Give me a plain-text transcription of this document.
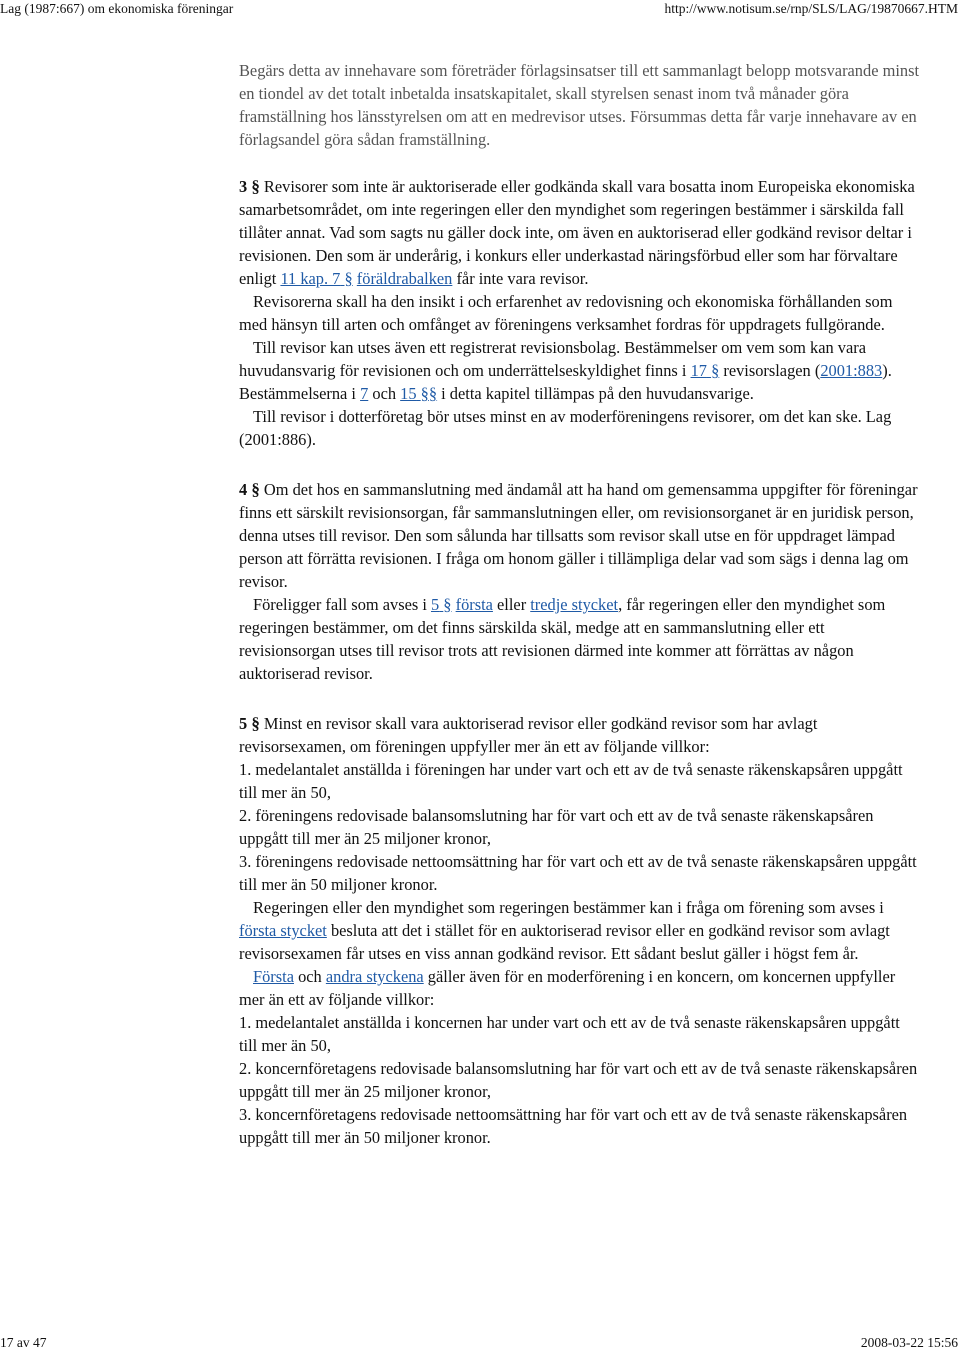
Lag (1987:667) om ekonomiska föreningar	http://www.notisum.se/rnp/SLS/LAG/19870667.HTM

Begärs detta av innehavare som företräder förlagsinsatser till ett sammanlagt belopp motsvarande minst en tiondel av det totalt inbetalda insatskapitalet, skall styrelsen senast inom två månader göra framställning hos länsstyrelsen om att en medrevisor utses. Försummas detta får varje innehavare av en förlagsandel göra sådan framställning.

3 § Revisorer som inte är auktoriserade eller godkända skall vara bosatta inom Europeiska ekonomiska samarbetsområdet, om inte regeringen eller den myndighet som regeringen bestämmer i särskilda fall tillåter annat. Vad som sagts nu gäller dock inte, om även en auktoriserad eller godkänd revisor deltar i revisionen. Den som är underårig, i konkurs eller underkastad näringsförbud eller som har förvaltare enligt 11 kap. 7 § föräldrabalken får inte vara revisor.

Revisorerna skall ha den insikt i och erfarenhet av redovisning och ekonomiska förhållanden som med hänsyn till arten och omfånget av föreningens verksamhet fordras för uppdragets fullgörande.

Till revisor kan utses även ett registrerat revisionsbolag. Bestämmelser om vem som kan vara huvudansvarig för revisionen och om underrättelseskyldighet finns i 17 § revisorslagen (2001:883). Bestämmelserna i 7 och 15 §§ i detta kapitel tillämpas på den huvudansvarige.

Till revisor i dotterföretag bör utses minst en av moderföreningens revisorer, om det kan ske. Lag (2001:886).

4 § Om det hos en sammanslutning med ändamål att ha hand om gemensamma uppgifter för föreningar finns ett särskilt revisionsorgan, får sammanslutningen eller, om revisionsorganet är en juridisk person, denna utses till revisor. Den som sålunda har tillsatts som revisor skall utse en för uppdraget lämpad person att förrätta revisionen. I fråga om honom gäller i tillämpliga delar vad som sägs i denna lag om revisor.

Föreligger fall som avses i 5 § första eller tredje stycket, får regeringen eller den myndighet som regeringen bestämmer, om det finns särskilda skäl, medge att en sammanslutning eller ett revisionsorgan utses till revisor trots att revisionen därmed inte kommer att förrättas av någon auktoriserad revisor.

5 § Minst en revisor skall vara auktoriserad revisor eller godkänd revisor som har avlagt revisorsexamen, om föreningen uppfyller mer än ett av följande villkor:

1. medelantalet anställda i föreningen har under vart och ett av de två senaste räkenskapsåren uppgått till mer än 50,

2. föreningens redovisade balansomslutning har för vart och ett av de två senaste räkenskapsåren uppgått till mer än 25 miljoner kronor,

3. föreningens redovisade nettoomsättning har för vart och ett av de två senaste räkenskapsåren uppgått till mer än 50 miljoner kronor.

Regeringen eller den myndighet som regeringen bestämmer kan i fråga om förening som avses i första stycket besluta att det i stället för en auktoriserad revisor eller en godkänd revisor som avlagt revisorsexamen får utses en viss annan godkänd revisor. Ett sådant beslut gäller i högst fem år.

Första och andra styckena gäller även för en moderförening i en koncern, om koncernen uppfyller mer än ett av följande villkor:

1. medelantalet anställda i koncernen har under vart och ett av de två senaste räkenskapsåren uppgått till mer än 50,

2. koncernföretagens redovisade balansomslutning har för vart och ett av de två senaste räkenskapsåren uppgått till mer än 25 miljoner kronor,

3. koncernföretagens redovisade nettoomsättning har för vart och ett av de två senaste räkenskapsåren uppgått till mer än 50 miljoner kronor.

17 av 47	2008-03-22 15:56
